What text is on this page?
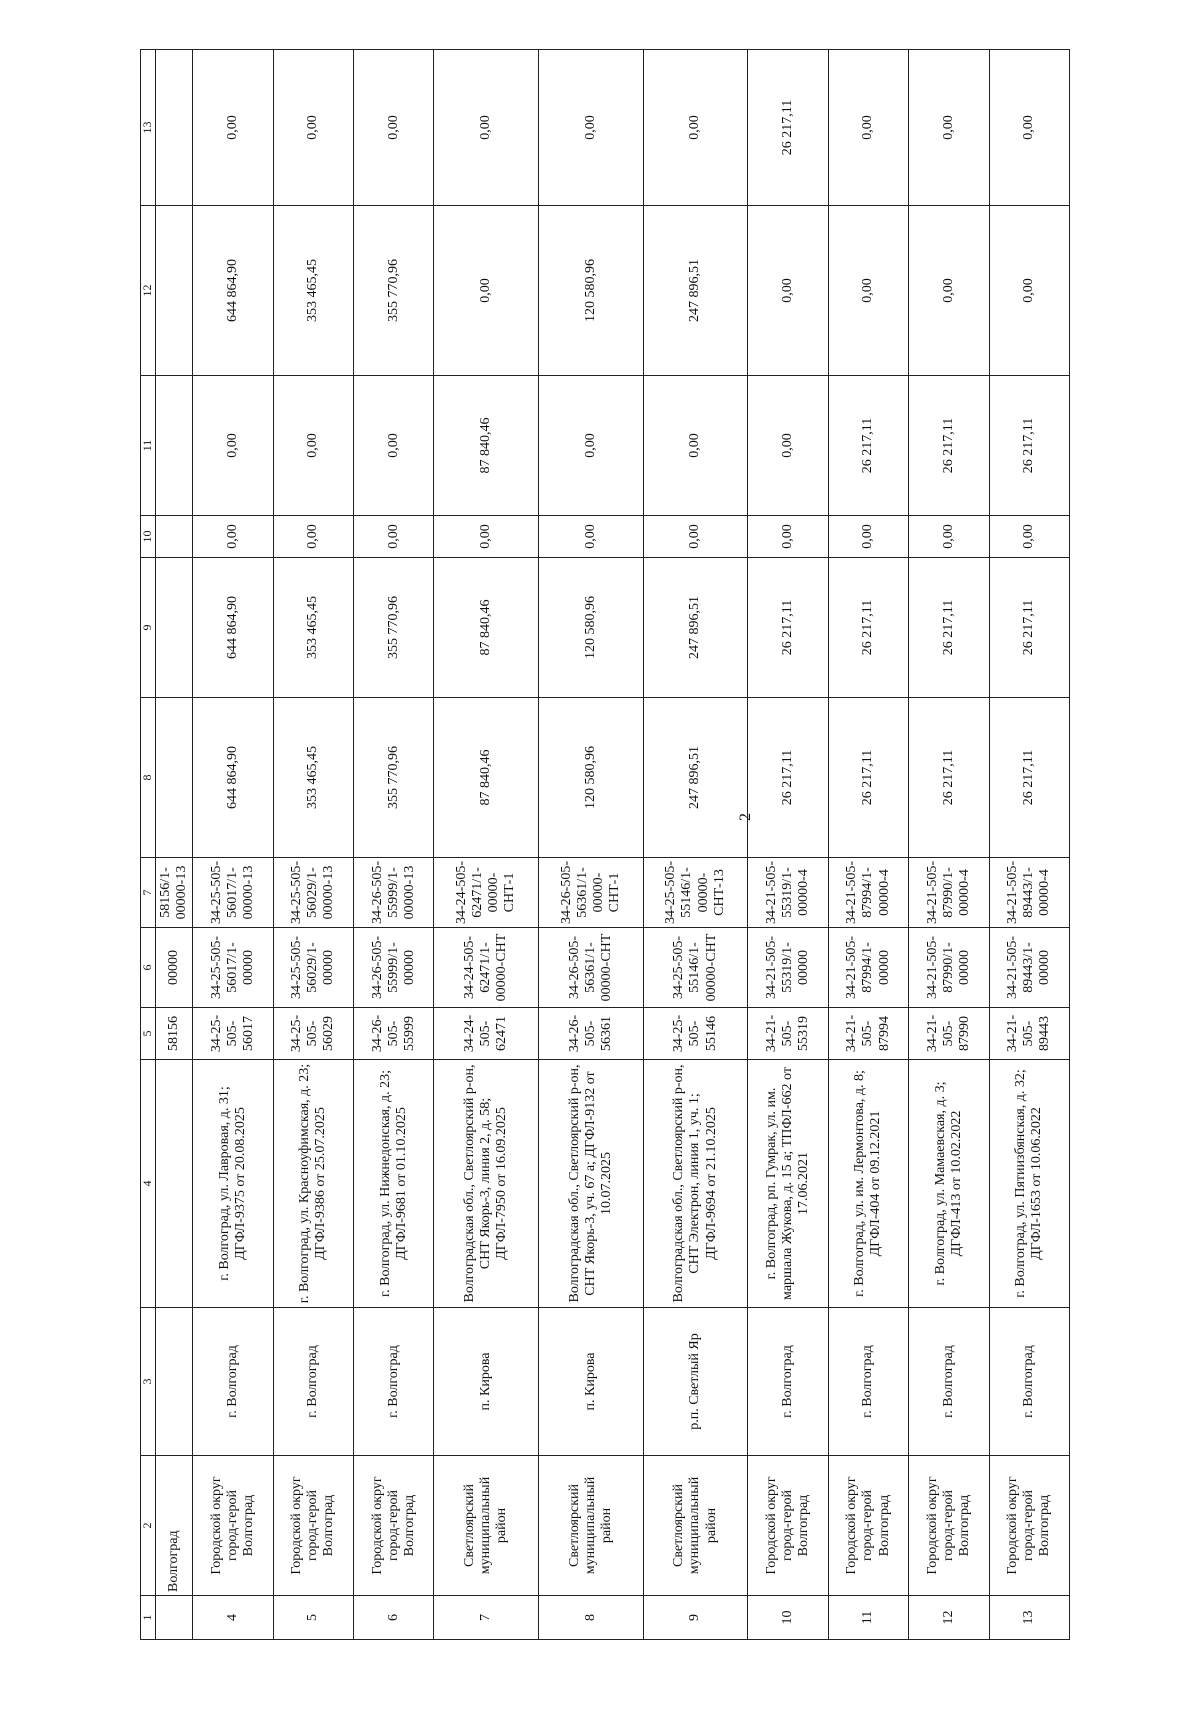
2
1	2	3	4	5	6	7	8	9	10	11	12	13
	Волгоград			58156	00000	58156/1-00000-13						
4	Городской округ город-герой Волгоград	г. Волгоград	г. Волгоград, ул. Лавровая, д. 31; ДГФЛ-9375 от 20.08.2025	34-25-505-56017	34-25-505-56017/1-00000	34-25-505-56017/1-00000-13	644 864,90	644 864,90	0,00	0,00	644 864,90	0,00
5	Городской округ город-герой Волгоград	г. Волгоград	г. Волгоград, ул. Красноуфимская, д. 23; ДГФЛ-9386 от 25.07.2025	34-25-505-56029	34-25-505-56029/1-00000	34-25-505-56029/1-00000-13	353 465,45	353 465,45	0,00	0,00	353 465,45	0,00
6	Городской округ город-герой Волгоград	г. Волгоград	г. Волгоград, ул. Нижнедонская, д. 23; ДГФЛ-9681 от 01.10.2025	34-26-505-55999	34-26-505-55999/1-00000	34-26-505-55999/1-00000-13	355 770,96	355 770,96	0,00	0,00	355 770,96	0,00
7	Светлоярский муниципальный район	п. Кирова	Волгоградская обл., Светлоярский р-он, СНТ Якорь-3, линия 2, д. 58; ДГФЛ-7950 от 16.09.2025	34-24-505-62471	34-24-505-62471/1-00000-СНТ	34-24-505-62471/1-00000-СНТ-1	87 840,46	87 840,46	0,00	87 840,46	0,00	0,00
8	Светлоярский муниципальный район	п. Кирова	Волгоградская обл., Светлоярский р-он, СНТ Якорь-3, уч. 67 а; ДГФЛ-9132 от 10.07.2025	34-26-505-56361	34-26-505-56361/1-00000-СНТ	34-26-505-56361/1-00000-СНТ-1	120 580,96	120 580,96	0,00	0,00	120 580,96	0,00
9	Светлоярский муниципальный район	р.п. Светлый Яр	Волгоградская обл., Светлоярский р-он, СНТ Электрон, линия 1, уч. 1; ДГФЛ-9694 от 21.10.2025	34-25-505-55146	34-25-505-55146/1-00000-СНТ	34-25-505-55146/1-00000-СНТ-13	247 896,51	247 896,51	0,00	0,00	247 896,51	0,00
10	Городской округ город-герой Волгоград	г. Волгоград	г. Волгоград, рп. Гумрак, ул. им. маршала Жукова, д. 15 а; ТПФЛ-662 от 17.06.2021	34-21-505-55319	34-21-505-55319/1-00000	34-21-505-55319/1-00000-4	26 217,11	26 217,11	0,00	0,00	0,00	26 217,11
11	Городской округ город-герой Волгоград	г. Волгоград	г. Волгоград, ул. им. Лермонтова, д. 8; ДГФЛ-404 от 09.12.2021	34-21-505-87994	34-21-505-87994/1-00000	34-21-505-87994/1-00000-4	26 217,11	26 217,11	0,00	26 217,11	0,00	0,00
12	Городской округ город-герой Волгоград	г. Волгоград	г. Волгоград, ул. Мамаевская, д. 3; ДГФЛ-413 от 10.02.2022	34-21-505-87990	34-21-505-87990/1-00000	34-21-505-87990/1-00000-4	26 217,11	26 217,11	0,00	26 217,11	0,00	0,00
13	Городской округ город-герой Волгоград	г. Волгоград	г. Волгоград, ул. Пятиизбянская, д. 32; ДГФЛ-1653 от 10.06.2022	34-21-505-89443	34-21-505-89443/1-00000	34-21-505-89443/1-00000-4	26 217,11	26 217,11	0,00	26 217,11	0,00	0,00
